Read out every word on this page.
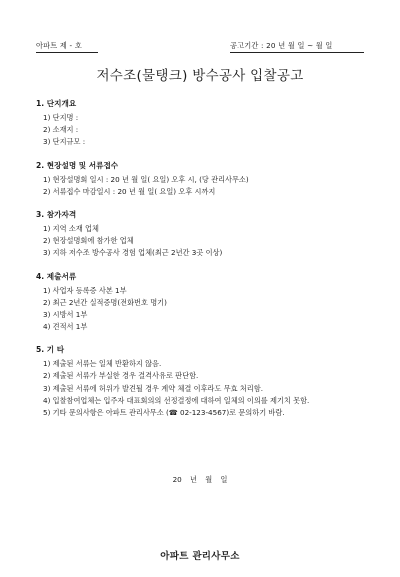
아파트 제 - 호	공고기간 : 20 년 월 일 ~ 월 일
저수조(물탱크) 방수공사 입찰공고
1. 단지개요
1) 단지명 :
2) 소재지 :
3) 단지규모 :
2. 현장설명 및 서류접수
1) 현장설명회 일시 : 20 년 월 일( 요일) 오후 시, (당 관리사무소)
2) 서류접수 마감일시 : 20 년 월 일( 요일) 오후 시까지
3. 참가자격
1) 지역 소재 업체
2) 현장설명회에 참가한 업체
3) 지하 저수조 방수공사 경험 업체(최근 2년간 3곳 이상)
4. 제출서류
1) 사업자 등록증 사본 1부
2) 최근 2년간 실적증명(전화번호 명기)
3) 시방서 1부
4) 견적서 1부
5. 기 타
1) 제출된 서류는 일체 반환하지 않음.
2) 제출된 서류가 부실한 경우 결격사유로 판단함.
3) 제출된 서류에 허위가 발견될 경우 계약 체결 이후라도 무효 처리함.
4) 입찰참여업체는 입주자 대표회의의 선정결정에 대하여 일체의 이의를 제기치 못함.
5) 기타 문의사항은 아파트 관리사무소 (☎ 02-123-4567)로 문의하기 바람.
20 년 월 일
아파트 관리사무소
